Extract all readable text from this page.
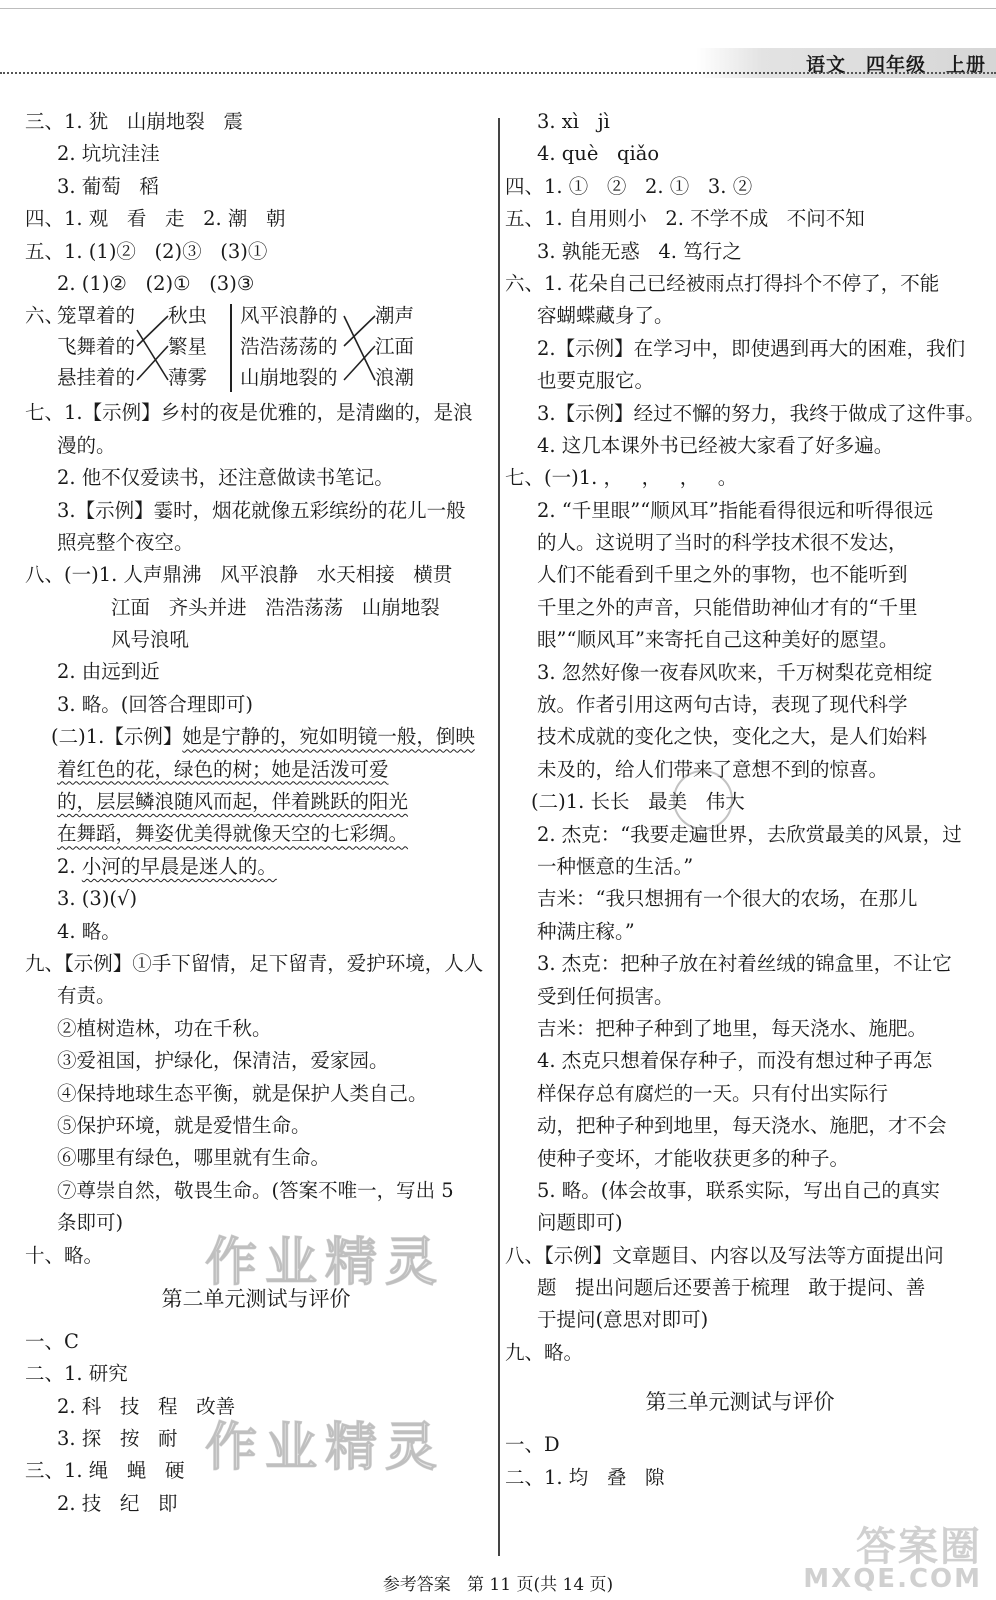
语文 四年级 上册
三、1. 犹   山崩地裂   震
2. 坑坑洼洼
3. 葡萄   稻
四、1. 观   看   走   2. 潮   朝
五、1. (1)②   (2)③   (3)①
2. (1)②   (2)①   (3)③
六、
笼罩着的
飞舞着的
悬挂着的
秋虫
繁星
薄雾
风平浪静的
浩浩荡荡的
山崩地裂的
潮声
江面
浪潮
七、1.【示例】乡村的夜是优雅的，是清幽的，是浪
漫的。
2. 他不仅爱读书，还注意做读书笔记。
3.【示例】霎时，烟花就像五彩缤纷的花儿一般
照亮整个夜空。
八、(一)1. 人声鼎沸   风平浪静   水天相接   横贯
江面   齐头并进   浩浩荡荡   山崩地裂
风号浪吼
2. 由远到近
3. 略。(回答合理即可)
(二)1.【示例】她是宁静的，宛如明镜一般，倒映
着红色的花，绿色的树；她是活泼可爱
的，层层鳞浪随风而起，伴着跳跃的阳光
在舞蹈，舞姿优美得就像天空的七彩绸。
2. 小河的早晨是迷人的。
3. (3)(√)
4. 略。
九、【示例】①手下留情，足下留青，爱护环境，人人
有责。
②植树造林，功在千秋。
③爱祖国，护绿化，保清洁，爱家园。
④保持地球生态平衡，就是保护人类自己。
⑤保护环境，就是爱惜生命。
⑥哪里有绿色，哪里就有生命。
⑦尊崇自然，敬畏生命。(答案不唯一，写出 5
条即可)
十、略。
第二单元测试与评价
一、C
二、1. 研究
2. 科   技   程   改善
3. 探   按   耐
三、1. 绳   蝇   硬
2. 技   纪   即
3. xì   jì
4. què   qiǎo
四、1. ①   ②   2. ①   3. ②
五、1. 自用则小   2. 不学不成   不问不知
3. 孰能无惑   4. 笃行之
六、1. 花朵自己已经被雨点打得抖个不停了，不能
容蝴蝶藏身了。
2.【示例】在学习中，即使遇到再大的困难，我们
也要克服它。
3.【示例】经过不懈的努力，我终于做成了这件事。
4. 这几本课外书已经被大家看了好多遍。
七、(一)1. ，   ，   ，   。
2. “千里眼”“顺风耳”指能看得很远和听得很远
的人。这说明了当时的科学技术很不发达，
人们不能看到千里之外的事物，也不能听到
千里之外的声音，只能借助神仙才有的“千里
眼”“顺风耳”来寄托自己这种美好的愿望。
3. 忽然好像一夜春风吹来，千万树梨花竞相绽
放。作者引用这两句古诗，表现了现代科学
技术成就的变化之快，变化之大，是人们始料
未及的，给人们带来了意想不到的惊喜。
(二)1. 长长   最美   伟大
2. 杰克：“我要走遍世界，去欣赏最美的风景，过
一种惬意的生活。”
吉米：“我只想拥有一个很大的农场，在那儿
种满庄稼。”
3. 杰克：把种子放在衬着丝绒的锦盒里，不让它
受到任何损害。
吉米：把种子种到了地里，每天浇水、施肥。
4. 杰克只想着保存种子，而没有想过种子再怎
样保存总有腐烂的一天。只有付出实际行
动，把种子种到地里，每天浇水、施肥，才不会
使种子变坏，才能收获更多的种子。
5. 略。(体会故事，联系实际，写出自己的真实
问题即可)
八、【示例】文章题目、内容以及写法等方面提出问
题   提出问题后还要善于梳理   敢于提问、善
于提问(意思对即可)
九、略。
第三单元测试与评价
一、D
二、1. 均   叠   隙
作业精灵
作业精灵
答案圈
MXQE.COM
参考答案   第 11 页(共 14 页)
